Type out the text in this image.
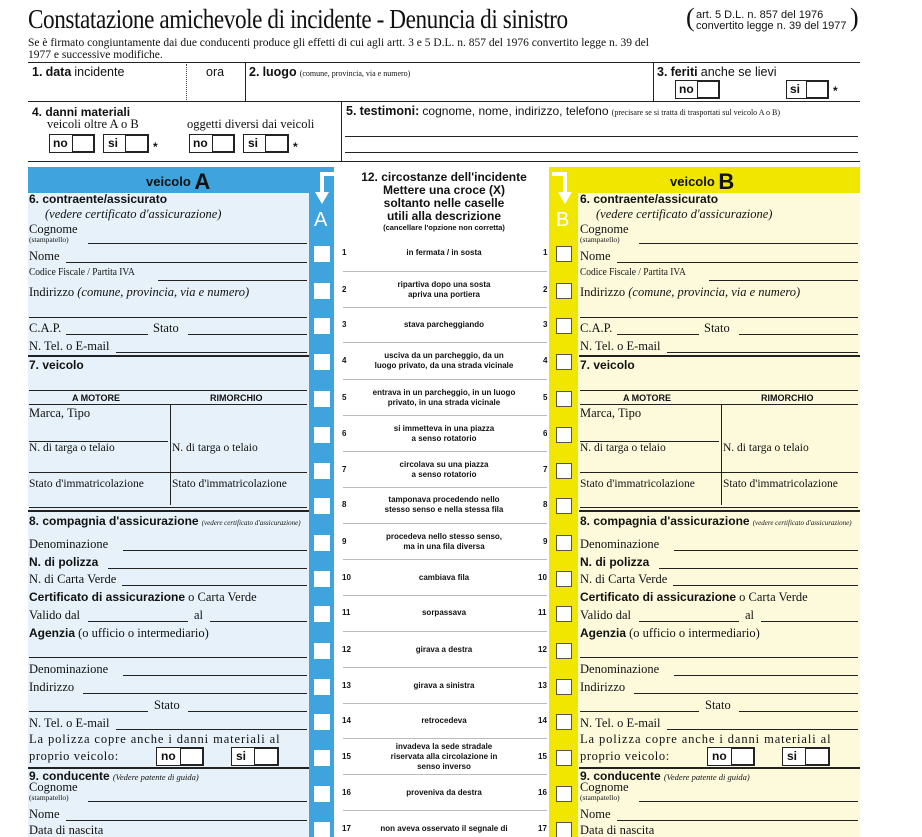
Constatazione amichevole di incidente - Denuncia di sinistro	( art. 5 D.L. n. 857 del 1976
convertito legge n. 39 del 1977 )
Se è firmato congiuntamente dai due conducenti produce gli effetti di cui agli artt. 3 e 5 D.L. n. 857 del 1976 convertito legge n. 39 del 1977 e successive modifiche.
1. data incidente	ora 2. luogo (comune, provincia, via e numero)	3. feriti anche se lievi
no	si	*
4. danni materiali
veicoli oltre A o B	oggetti diversi dai veicoli
no	si	*	no	si	*
5. testimoni: cognome, nome, indirizzo, telefono (precisare se si tratta di trasportati sul veicolo A o B)
veicolo A	veicolo B
A	B
12. circostanze dell'incidente
Mettere una croce (X)
soltanto nelle caselle
utili alla descrizione
(cancellare l'opzione non corretta)
1	1
in fermata / in sosta
2	2
ripartiva dopo una sosta
apriva una portiera
3	3
stava parcheggiando
4	4
usciva da un parcheggio, da un
luogo privato, da una strada vicinale
5	5
entrava in un parcheggio, in un luogo
privato, in una strada vicinale
6	6
si immetteva in una piazza
a senso rotatorio
7	7
circolava su una piazza
a senso rotatorio
8	8
tamponava procedendo nello
stesso senso e nella stessa fila
9	9
procedeva nello stesso senso,
ma in una fila diversa
10	10
cambiava fila
11	11
sorpassava
12	12
girava a destra
13	13
girava a sinistra
14	14
retrocedeva
15	15
invadeva la sede stradale
riservata alla circolazione in
senso inverso
16	16
proveniva da destra
17	17
non aveva osservato il segnale di
6. contraente/assicurato
(vedere certificato d'assicurazione)
Cognome
(stampatello)
Nome
Codice Fiscale / Partita IVA
Indirizzo (comune, provincia, via e numero)
C.A.P.	Stato
N. Tel. o E-mail
7. veicolo
A MOTORE	RIMORCHIO
Marca, Tipo
N. di targa o telaio	N. di targa o telaio
Stato d'immatricolazione Stato d'immatricolazione
8. compagnia d'assicurazione (vedere certificato d'assicurazione)
Denominazione
N. di polizza
N. di Carta Verde
Certificato di assicurazione o Carta Verde
Valido dal	al
Agenzia (o ufficio o intermediario)
Denominazione
Indirizzo
Stato
N. Tel. o E-mail
La polizza copre anche i danni materiali al
proprio veicolo:	no	si
9. conducente (Vedere patente di guida)
Cognome
(stampatello)
Nome
Data di nascita
6. contraente/assicurato
(vedere certificato d'assicurazione)
Cognome
(stampatello)
Nome
Codice Fiscale / Partita IVA
Indirizzo (comune, provincia, via e numero)
C.A.P.	Stato
N. Tel. o E-mail
7. veicolo
A MOTORE	RIMORCHIO
Marca, Tipo
N. di targa o telaio	N. di targa o telaio
Stato d'immatricolazione Stato d'immatricolazione
8. compagnia d'assicurazione (vedere certificato d'assicurazione)
Denominazione
N. di polizza
N. di Carta Verde
Certificato di assicurazione o Carta Verde
Valido dal	al
Agenzia (o ufficio o intermediario)
Denominazione
Indirizzo
Stato
N. Tel. o E-mail
La polizza copre anche i danni materiali al
proprio veicolo:	no	si
9. conducente (Vedere patente di guida)
Cognome
(stampatello)
Nome
Data di nascita
